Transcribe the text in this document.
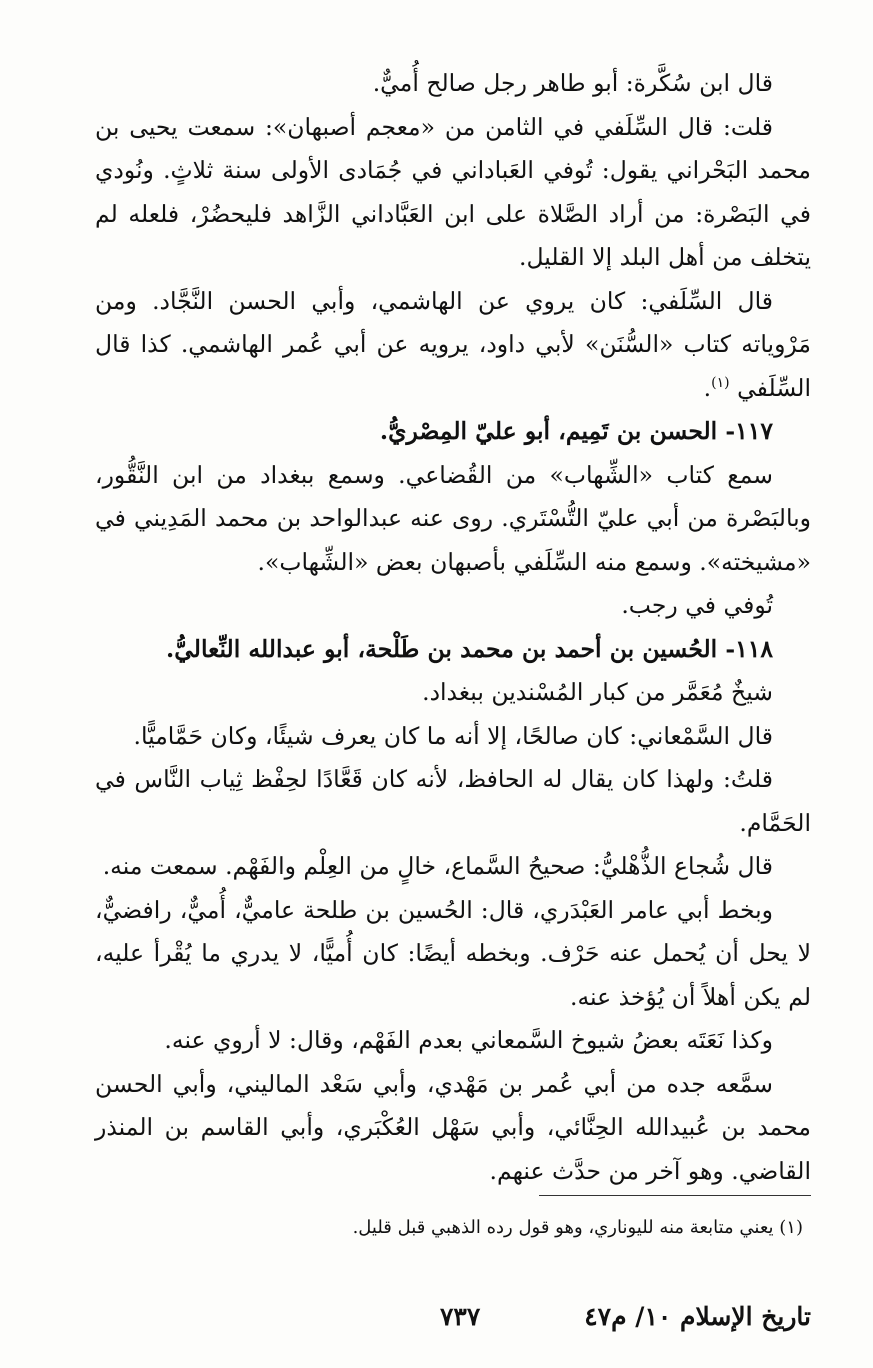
قال ابن سُكَّرة: أبو طاهر رجل صالح أُميٌّ.

قلت: قال السِّلَفي في الثامن من «معجم أصبهان»: سمعت يحيى بن محمد البَحْراني يقول: تُوفي العَباداني في جُمَادى الأولى سنة ثلاثٍ. ونُودي في البَصْرة: من أراد الصَّلاة على ابن العَبَّاداني الزَّاهد فليحضُرْ، فلعله لم يتخلف من أهل البلد إلا القليل.

قال السِّلَفي: كان يروي عن الهاشمي، وأبي الحسن النَّجَّاد. ومن مَرْوياته كتاب «السُّنَن» لأبي داود، يرويه عن أبي عُمر الهاشمي. كذا قال السِّلَفي $^{(١)}$.

١١٧- الحسن بن تَمِيم، أبو عليّ المِصْريُّ.

سمع كتاب «الشِّهاب» من القُضاعي. وسمع ببغداد من ابن النَّقُّور، وبالبَصْرة من أبي عليّ التُّسْتَري. روى عنه عبدالواحد بن محمد المَدِيني في «مشيخته». وسمع منه السِّلَفي بأصبهان بعض «الشِّهاب».

تُوفي في رجب.

١١٨- الحُسين بن أحمد بن محمد بن طَلْحة، أبو عبدالله النِّعاليُّ.

شيخٌ مُعَمَّر من كبار المُسْندين ببغداد.

قال السَّمْعاني: كان صالحًا، إلا أنه ما كان يعرف شيئًا، وكان حَمَّاميًّا.

قلتُ: ولهذا كان يقال له الحافظ، لأنه كان قَعَّادًا لحِفْظ ثِياب النَّاس في الحَمَّام.

قال شُجاع الذُّهْليُّ: صحيحُ السَّماع، خالٍ من العِلْم والفَهْم. سمعت منه.

وبخط أبي عامر العَبْدَري، قال: الحُسين بن طلحة عاميٌّ، أُميٌّ، رافضيٌّ، لا يحل أن يُحمل عنه حَرْف. وبخطه أيضًا: كان أُميًّا، لا يدري ما يُقْرأ عليه، لم يكن أهلاً أن يُؤخذ عنه.

وكذا نَعَتَه بعضُ شيوخ السَّمعاني بعدم الفَهْم، وقال: لا أروي عنه.

سمَّعه جده من أبي عُمر بن مَهْدي، وأبي سَعْد الماليني، وأبي الحسن محمد بن عُبيدالله الحِنَّائي، وأبي سَهْل العُكْبَري، وأبي القاسم بن المنذر القاضي. وهو آخر من حدَّث عنهم.

(١) يعني متابعة منه لليوناري، وهو قول رده الذهبي قبل قليل.
تاريخ الإسلام ١٠/ م٤٧
٧٣٧
